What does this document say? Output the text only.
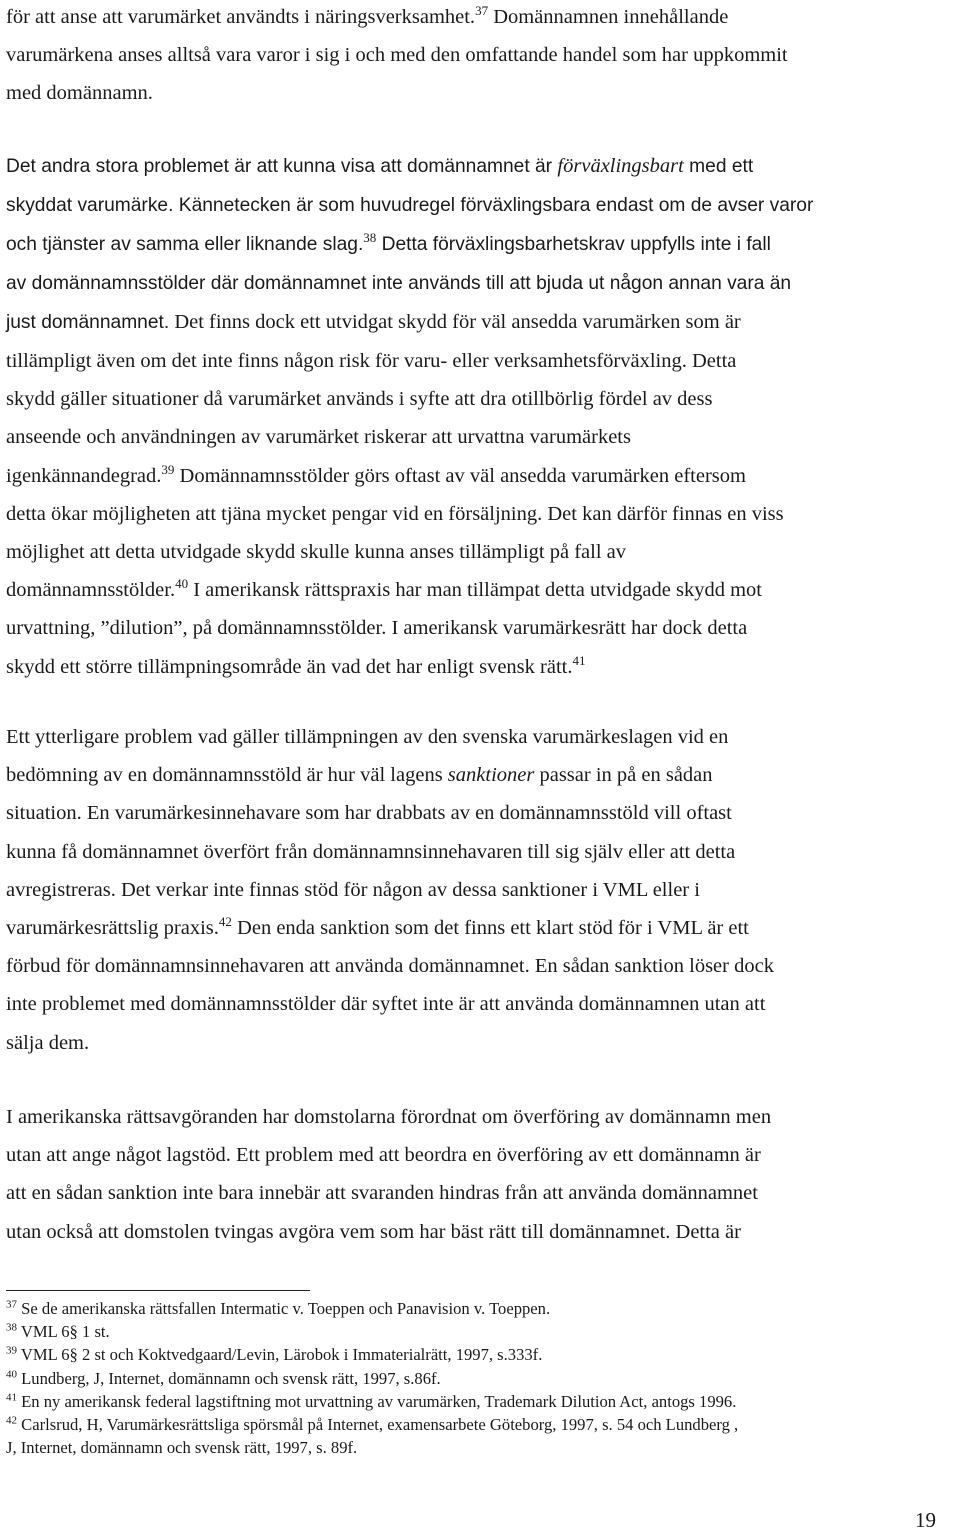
för att anse att varumärket användts i näringsverksamhet.$^{37}$ Domännamnen innehållande
varumärkena anses alltså vara varor i sig i och med den omfattande handel som har uppkommit
med domännamn.

Det andra stora problemet är att kunna visa att domännamnet är förväxlingsbart med ett
skyddat varumärke. Kännetecken är som huvudregel förväxlingsbara endast om de avser varor
och tjänster av samma eller liknande slag.$^{38}$ Detta förväxlingsbarhetskrav uppfylls inte i fall
av domännamnsstölder där domännamnet inte används till att bjuda ut någon annan vara än
just domännamnet. Det finns dock ett utvidgat skydd för väl ansedda varumärken som är
tillämpligt även om det inte finns någon risk för varu- eller verksamhetsförväxling. Detta
skydd gäller situationer då varumärket används i syfte att dra otillbörlig fördel av dess
anseende och användningen av varumärket riskerar att urvattna varumärkets
igenkännandegrad.$^{39}$ Domännamnsstölder görs oftast av väl ansedda varumärken eftersom
detta ökar möjligheten att tjäna mycket pengar vid en försäljning. Det kan därför finnas en viss
möjlighet att detta utvidgade skydd skulle kunna anses tillämpligt på fall av
domännamnsstölder.$^{40}$ I amerikansk rättspraxis har man tillämpat detta utvidgade skydd mot
urvattning, ”dilution”, på domännamnsstölder. I amerikansk varumärkesrätt har dock detta
skydd ett större tillämpningsområde än vad det har enligt svensk rätt.$^{41}$

Ett ytterligare problem vad gäller tillämpningen av den svenska varumärkeslagen vid en
bedömning av en domännamnsstöld är hur väl lagens sanktioner passar in på en sådan
situation. En varumärkesinnehavare som har drabbats av en domännamnsstöld vill oftast
kunna få domännamnet överfört från domännamnsinnehavaren till sig själv eller att detta
avregistreras. Det verkar inte finnas stöd för någon av dessa sanktioner i VML eller i
varumärkesrättslig praxis.$^{42}$ Den enda sanktion som det finns ett klart stöd för i VML är ett
förbud för domännamnsinnehavaren att använda domännamnet. En sådan sanktion löser dock
inte problemet med domännamnsstölder där syftet inte är att använda domännamnen utan att
sälja dem.

I amerikanska rättsavgöranden har domstolarna förordnat om överföring av domännamn men
utan att ange något lagstöd. Ett problem med att beordra en överföring av ett domännamn är
att en sådan sanktion inte bara innebär att svaranden hindras från att använda domännamnet
utan också att domstolen tvingas avgöra vem som har bäst rätt till domännamnet. Detta är

$^{37}$ Se de amerikanska rättsfallen Intermatic v. Toeppen och Panavision v. Toeppen.
$^{38}$ VML 6§ 1 st.
$^{39}$ VML 6§ 2 st och Koktvedgaard/Levin, Lärobok i Immaterialrätt, 1997, s.333f.
$^{40}$ Lundberg, J, Internet, domännamn och svensk rätt, 1997, s.86f.
$^{41}$ En ny amerikansk federal lagstiftning mot urvattning av varumärken, Trademark Dilution Act, antogs 1996.
$^{42}$ Carlsrud, H, Varumärkesrättsliga spörsmål på Internet, examensarbete Göteborg, 1997, s. 54 och Lundberg ,
J, Internet, domännamn och svensk rätt, 1997, s. 89f.
19
